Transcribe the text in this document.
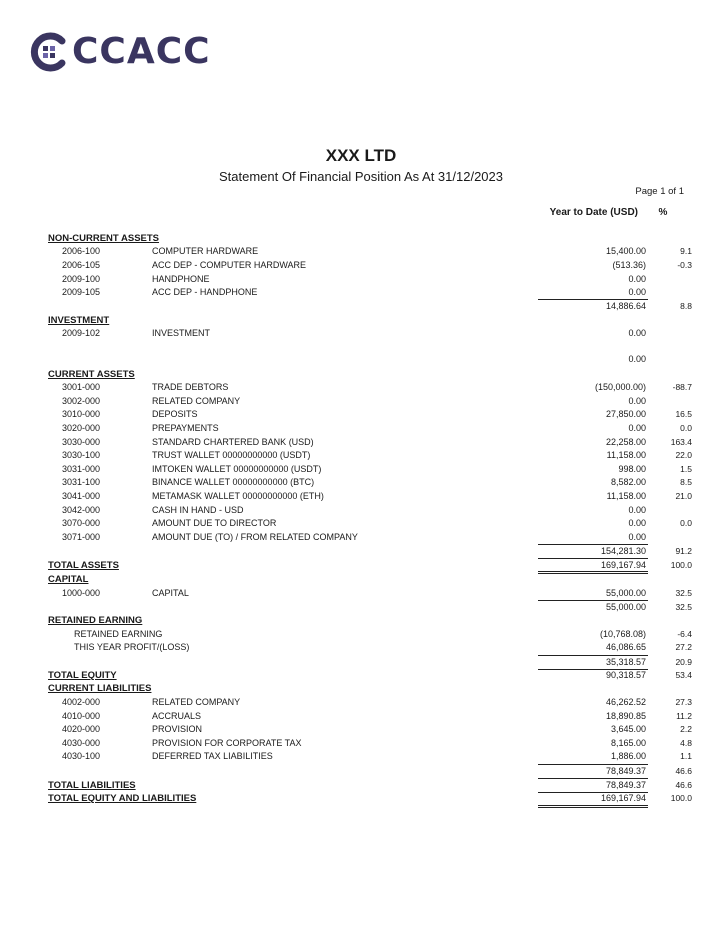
CCACC
XXX LTD
Statement Of Financial Position As At 31/12/2023
Page 1 of 1
Year to Date (USD)	%
NON-CURRENT ASSETS
2006-100	COMPUTER HARDWARE	15,400.00	9.1
2006-105	ACC DEP - COMPUTER HARDWARE	(513.36)	-0.3
2009-100	HANDPHONE	0.00
2009-105	ACC DEP - HANDPHONE	0.00
14,886.64	8.8
INVESTMENT
2009-102	INVESTMENT	0.00
0.00
CURRENT ASSETS
3001-000	TRADE DEBTORS	(150,000.00)	-88.7
3002-000	RELATED COMPANY	0.00
3010-000	DEPOSITS	27,850.00	16.5
3020-000	PREPAYMENTS	0.00	0.0
3030-000	STANDARD CHARTERED BANK (USD)	22,258.00	163.4
3030-100	TRUST WALLET 00000000000 (USDT)	11,158.00	22.0
3031-000	IMTOKEN WALLET 00000000000 (USDT)	998.00	1.5
3031-100	BINANCE WALLET 00000000000 (BTC)	8,582.00	8.5
3041-000	METAMASK WALLET 00000000000 (ETH)	11,158.00	21.0
3042-000	CASH IN HAND - USD	0.00
3070-000	AMOUNT DUE TO DIRECTOR	0.00	0.0
3071-000	AMOUNT DUE (TO) / FROM RELATED COMPANY	0.00
154,281.30	91.2
TOTAL ASSETS	169,167.94	100.0
CAPITAL
1000-000	CAPITAL	55,000.00	32.5
55,000.00	32.5
RETAINED EARNING
RETAINED EARNING	(10,768.08)	-6.4
THIS YEAR PROFIT/(LOSS)	46,086.65	27.2
35,318.57	20.9
TOTAL EQUITY	90,318.57	53.4
CURRENT LIABILITIES
4002-000	RELATED COMPANY	46,262.52	27.3
4010-000	ACCRUALS	18,890.85	11.2
4020-000	PROVISION	3,645.00	2.2
4030-000	PROVISION FOR CORPORATE TAX	8,165.00	4.8
4030-100	DEFERRED TAX LIABILITIES	1,886.00	1.1
78,849.37	46.6
TOTAL LIABILITIES	78,849.37	46.6
TOTAL EQUITY AND LIABILITIES	169,167.94	100.0
